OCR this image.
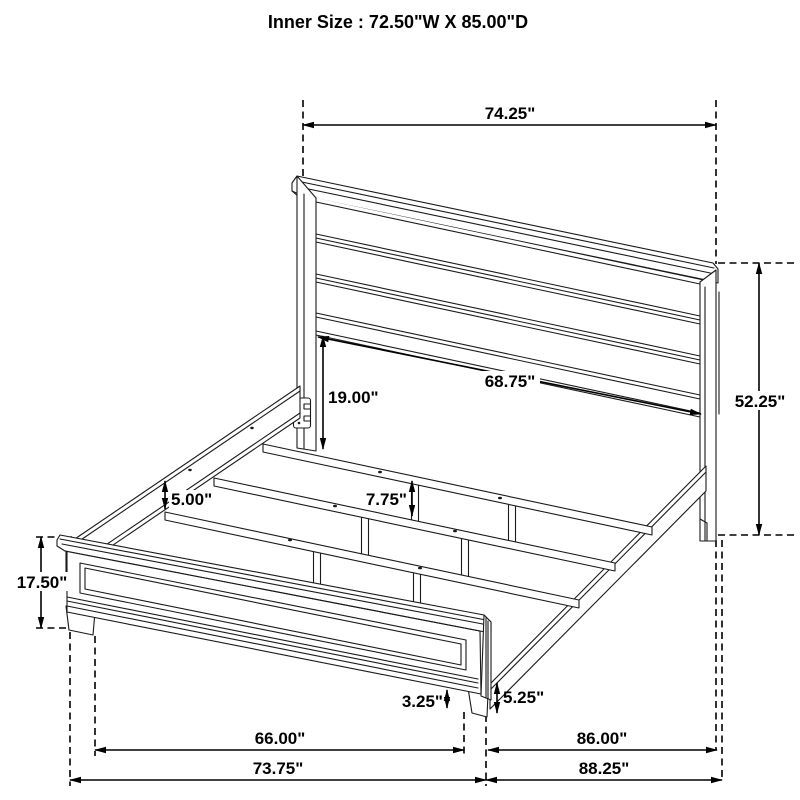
Inner Size : 72.50"W X 85.00"D
74.25"
52.25"
19.00"
68.75"
5.00"	7.75"
17.50"
3.25"	5.25"
66.00"
73.75"
86.00"
88.25"
